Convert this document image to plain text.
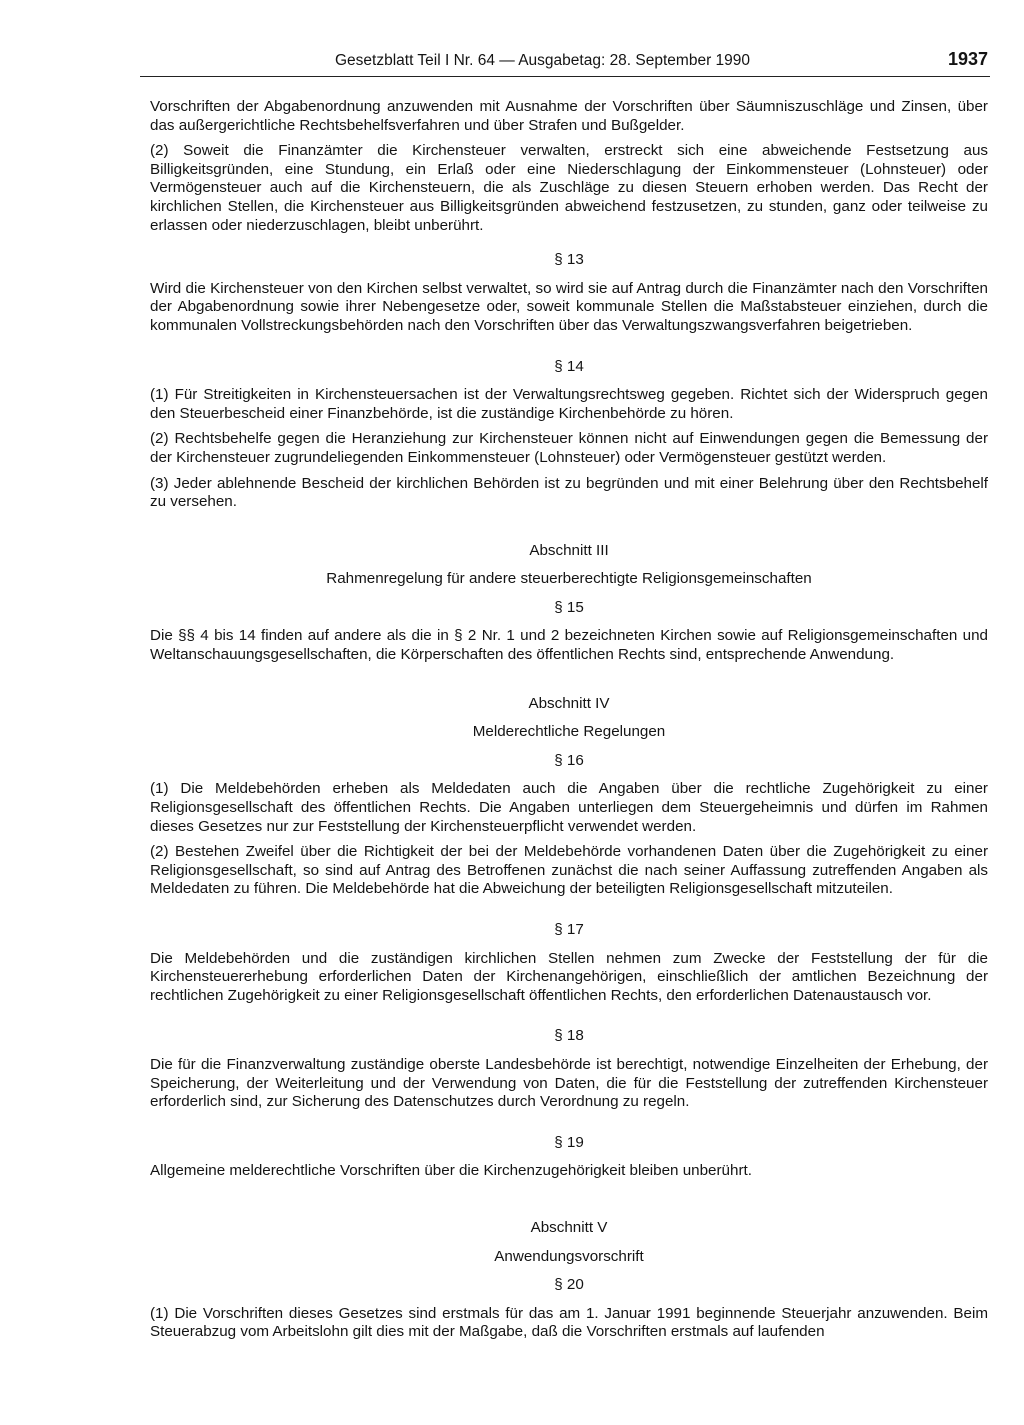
Gesetzblatt Teil I Nr. 64 — Ausgabetag: 28. September 1990	1937

Vorschriften der Abgabenordnung anzuwenden mit Ausnahme der Vorschriften über Säumniszuschläge und Zinsen, über das außergerichtliche Rechtsbehelfsverfahren und über Strafen und Bußgelder.

(2) Soweit die Finanzämter die Kirchensteuer verwalten, erstreckt sich eine abweichende Festsetzung aus Billigkeitsgründen, eine Stundung, ein Erlaß oder eine Niederschlagung der Einkommensteuer (Lohnsteuer) oder Vermögensteuer auch auf die Kirchensteuern, die als Zuschläge zu diesen Steuern erhoben werden. Das Recht der kirchlichen Stellen, die Kirchensteuer aus Billigkeitsgründen abweichend festzusetzen, zu stunden, ganz oder teilweise zu erlassen oder niederzuschlagen, bleibt unberührt.

§ 13

Wird die Kirchensteuer von den Kirchen selbst verwaltet, so wird sie auf Antrag durch die Finanzämter nach den Vorschriften der Abgabenordnung sowie ihrer Nebengesetze oder, soweit kommunale Stellen die Maßstabsteuer einziehen, durch die kommunalen Vollstreckungsbehörden nach den Vorschriften über das Verwaltungszwangsverfahren beigetrieben.

§ 14

(1) Für Streitigkeiten in Kirchensteuersachen ist der Verwaltungsrechtsweg gegeben. Richtet sich der Widerspruch gegen den Steuerbescheid einer Finanzbehörde, ist die zuständige Kirchenbehörde zu hören.

(2) Rechtsbehelfe gegen die Heranziehung zur Kirchensteuer können nicht auf Einwendungen gegen die Bemessung der der Kirchensteuer zugrundeliegenden Einkommensteuer (Lohnsteuer) oder Vermögensteuer gestützt werden.

(3) Jeder ablehnende Bescheid der kirchlichen Behörden ist zu begründen und mit einer Belehrung über den Rechtsbehelf zu versehen.

Abschnitt III
Rahmenregelung für andere steuerberechtigte Religionsgemeinschaften
§ 15

Die §§ 4 bis 14 finden auf andere als die in § 2 Nr. 1 und 2 bezeichneten Kirchen sowie auf Religionsgemeinschaften und Weltanschauungsgesellschaften, die Körperschaften des öffentlichen Rechts sind, entsprechende Anwendung.

Abschnitt IV
Melderechtliche Regelungen
§ 16

(1) Die Meldebehörden erheben als Meldedaten auch die Angaben über die rechtliche Zugehörigkeit zu einer Religionsgesellschaft des öffentlichen Rechts. Die Angaben unterliegen dem Steuergeheimnis und dürfen im Rahmen dieses Gesetzes nur zur Feststellung der Kirchensteuerpflicht verwendet werden.

(2) Bestehen Zweifel über die Richtigkeit der bei der Meldebehörde vorhandenen Daten über die Zugehörigkeit zu einer Religionsgesellschaft, so sind auf Antrag des Betroffenen zunächst die nach seiner Auffassung zutreffenden Angaben als Meldedaten zu führen. Die Meldebehörde hat die Abweichung der beteiligten Religionsgesellschaft mitzuteilen.

§ 17

Die Meldebehörden und die zuständigen kirchlichen Stellen nehmen zum Zwecke der Feststellung der für die Kirchensteuererhebung erforderlichen Daten der Kirchenangehörigen, einschließlich der amtlichen Bezeichnung der rechtlichen Zugehörigkeit zu einer Religionsgesellschaft öffentlichen Rechts, den erforderlichen Datenaustausch vor.

§ 18

Die für die Finanzverwaltung zuständige oberste Landesbehörde ist berechtigt, notwendige Einzelheiten der Erhebung, der Speicherung, der Weiterleitung und der Verwendung von Daten, die für die Feststellung der zutreffenden Kirchensteuer erforderlich sind, zur Sicherung des Datenschutzes durch Verordnung zu regeln.

§ 19

Allgemeine melderechtliche Vorschriften über die Kirchenzugehörigkeit bleiben unberührt.

Abschnitt V
Anwendungsvorschrift
§ 20

(1) Die Vorschriften dieses Gesetzes sind erstmals für das am 1. Januar 1991 beginnende Steuerjahr anzuwenden. Beim Steuerabzug vom Arbeitslohn gilt dies mit der Maßgabe, daß die Vorschriften erstmals auf laufenden
